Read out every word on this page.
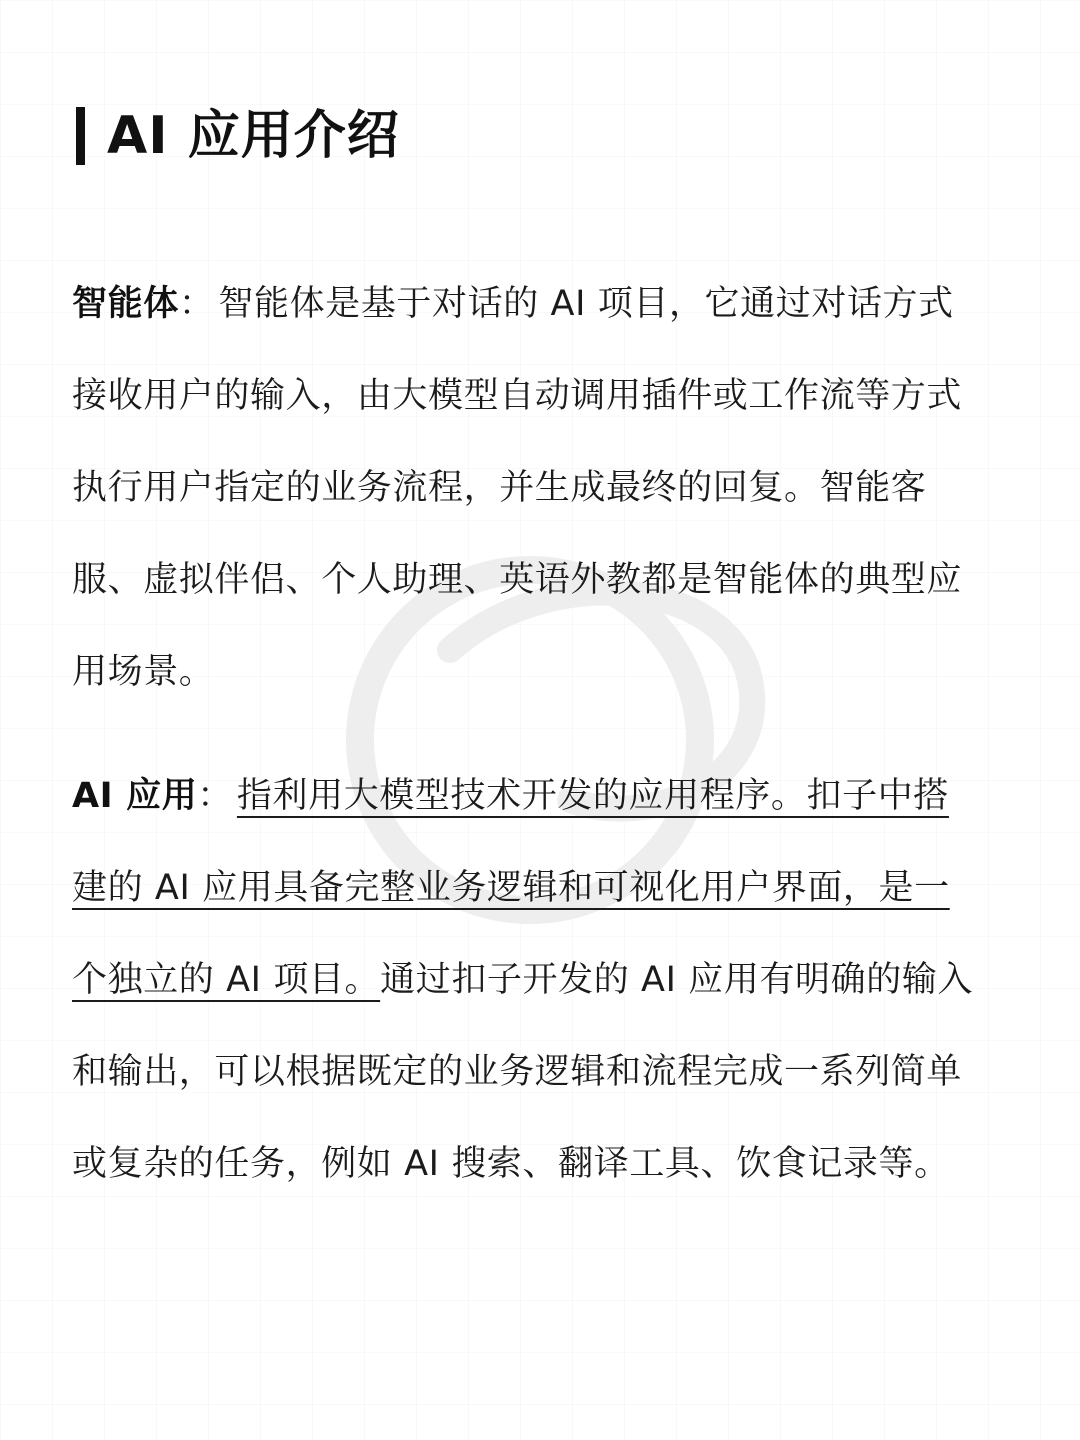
AI 应用介绍

智能体： 智能体是基于对话的 AI 项目，它通过对话方式接收用户的输入，由大模型自动调用插件或工作流等方式执行用户指定的业务流程，并生成最终的回复。智能客服、虚拟伴侣、个人助理、英语外教都是智能体的典型应用场景。

AI 应用： 指利用大模型技术开发的应用程序。扣子中搭建的 AI 应用具备完整业务逻辑和可视化用户界面，是一个独立的 AI 项目。通过扣子开发的 AI 应用有明确的输入和输出，可以根据既定的业务逻辑和流程完成一系列简单或复杂的任务，例如 AI 搜索、翻译工具、饮食记录等。
